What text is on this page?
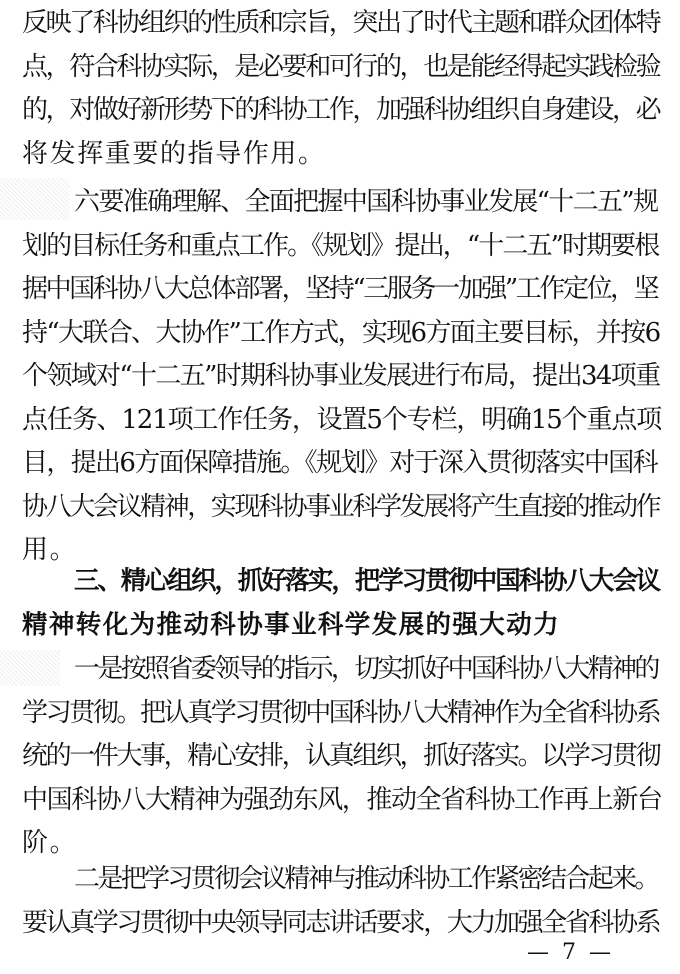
反映了科协组织的性质和宗旨，突出了时代主题和群众团体特
点，符合科协实际，是必要和可行的，也是能经得起实践检验
的，对做好新形势下的科协工作，加强科协组织自身建设，必
将发挥重要的指导作用。
六要准确理解、全面把握中国科协事业发展“十二五”规
划的目标任务和重点工作。《规划》提出，“十二五”时期要根
据中国科协八大总体部署，坚持“三服务一加强”工作定位，坚
持“大联合、大协作”工作方式，实现6方面主要目标，并按6
个领域对“十二五”时期科协事业发展进行布局，提出34项重
点任务、121项工作任务，设置5个专栏，明确15个重点项
目，提出6方面保障措施。《规划》对于深入贯彻落实中国科
协八大会议精神，实现科协事业科学发展将产生直接的推动作
用。
三、精心组织，抓好落实，把学习贯彻中国科协八大会议
精神转化为推动科协事业科学发展的强大动力
一是按照省委领导的指示，切实抓好中国科协八大精神的
学习贯彻。把认真学习贯彻中国科协八大精神作为全省科协系
统的一件大事，精心安排，认真组织，抓好落实。以学习贯彻
中国科协八大精神为强劲东风，推动全省科协工作再上新台
阶。
二是把学习贯彻会议精神与推动科协工作紧密结合起来。
要认真学习贯彻中央领导同志讲话要求，大力加强全省科协系
— 7 —
